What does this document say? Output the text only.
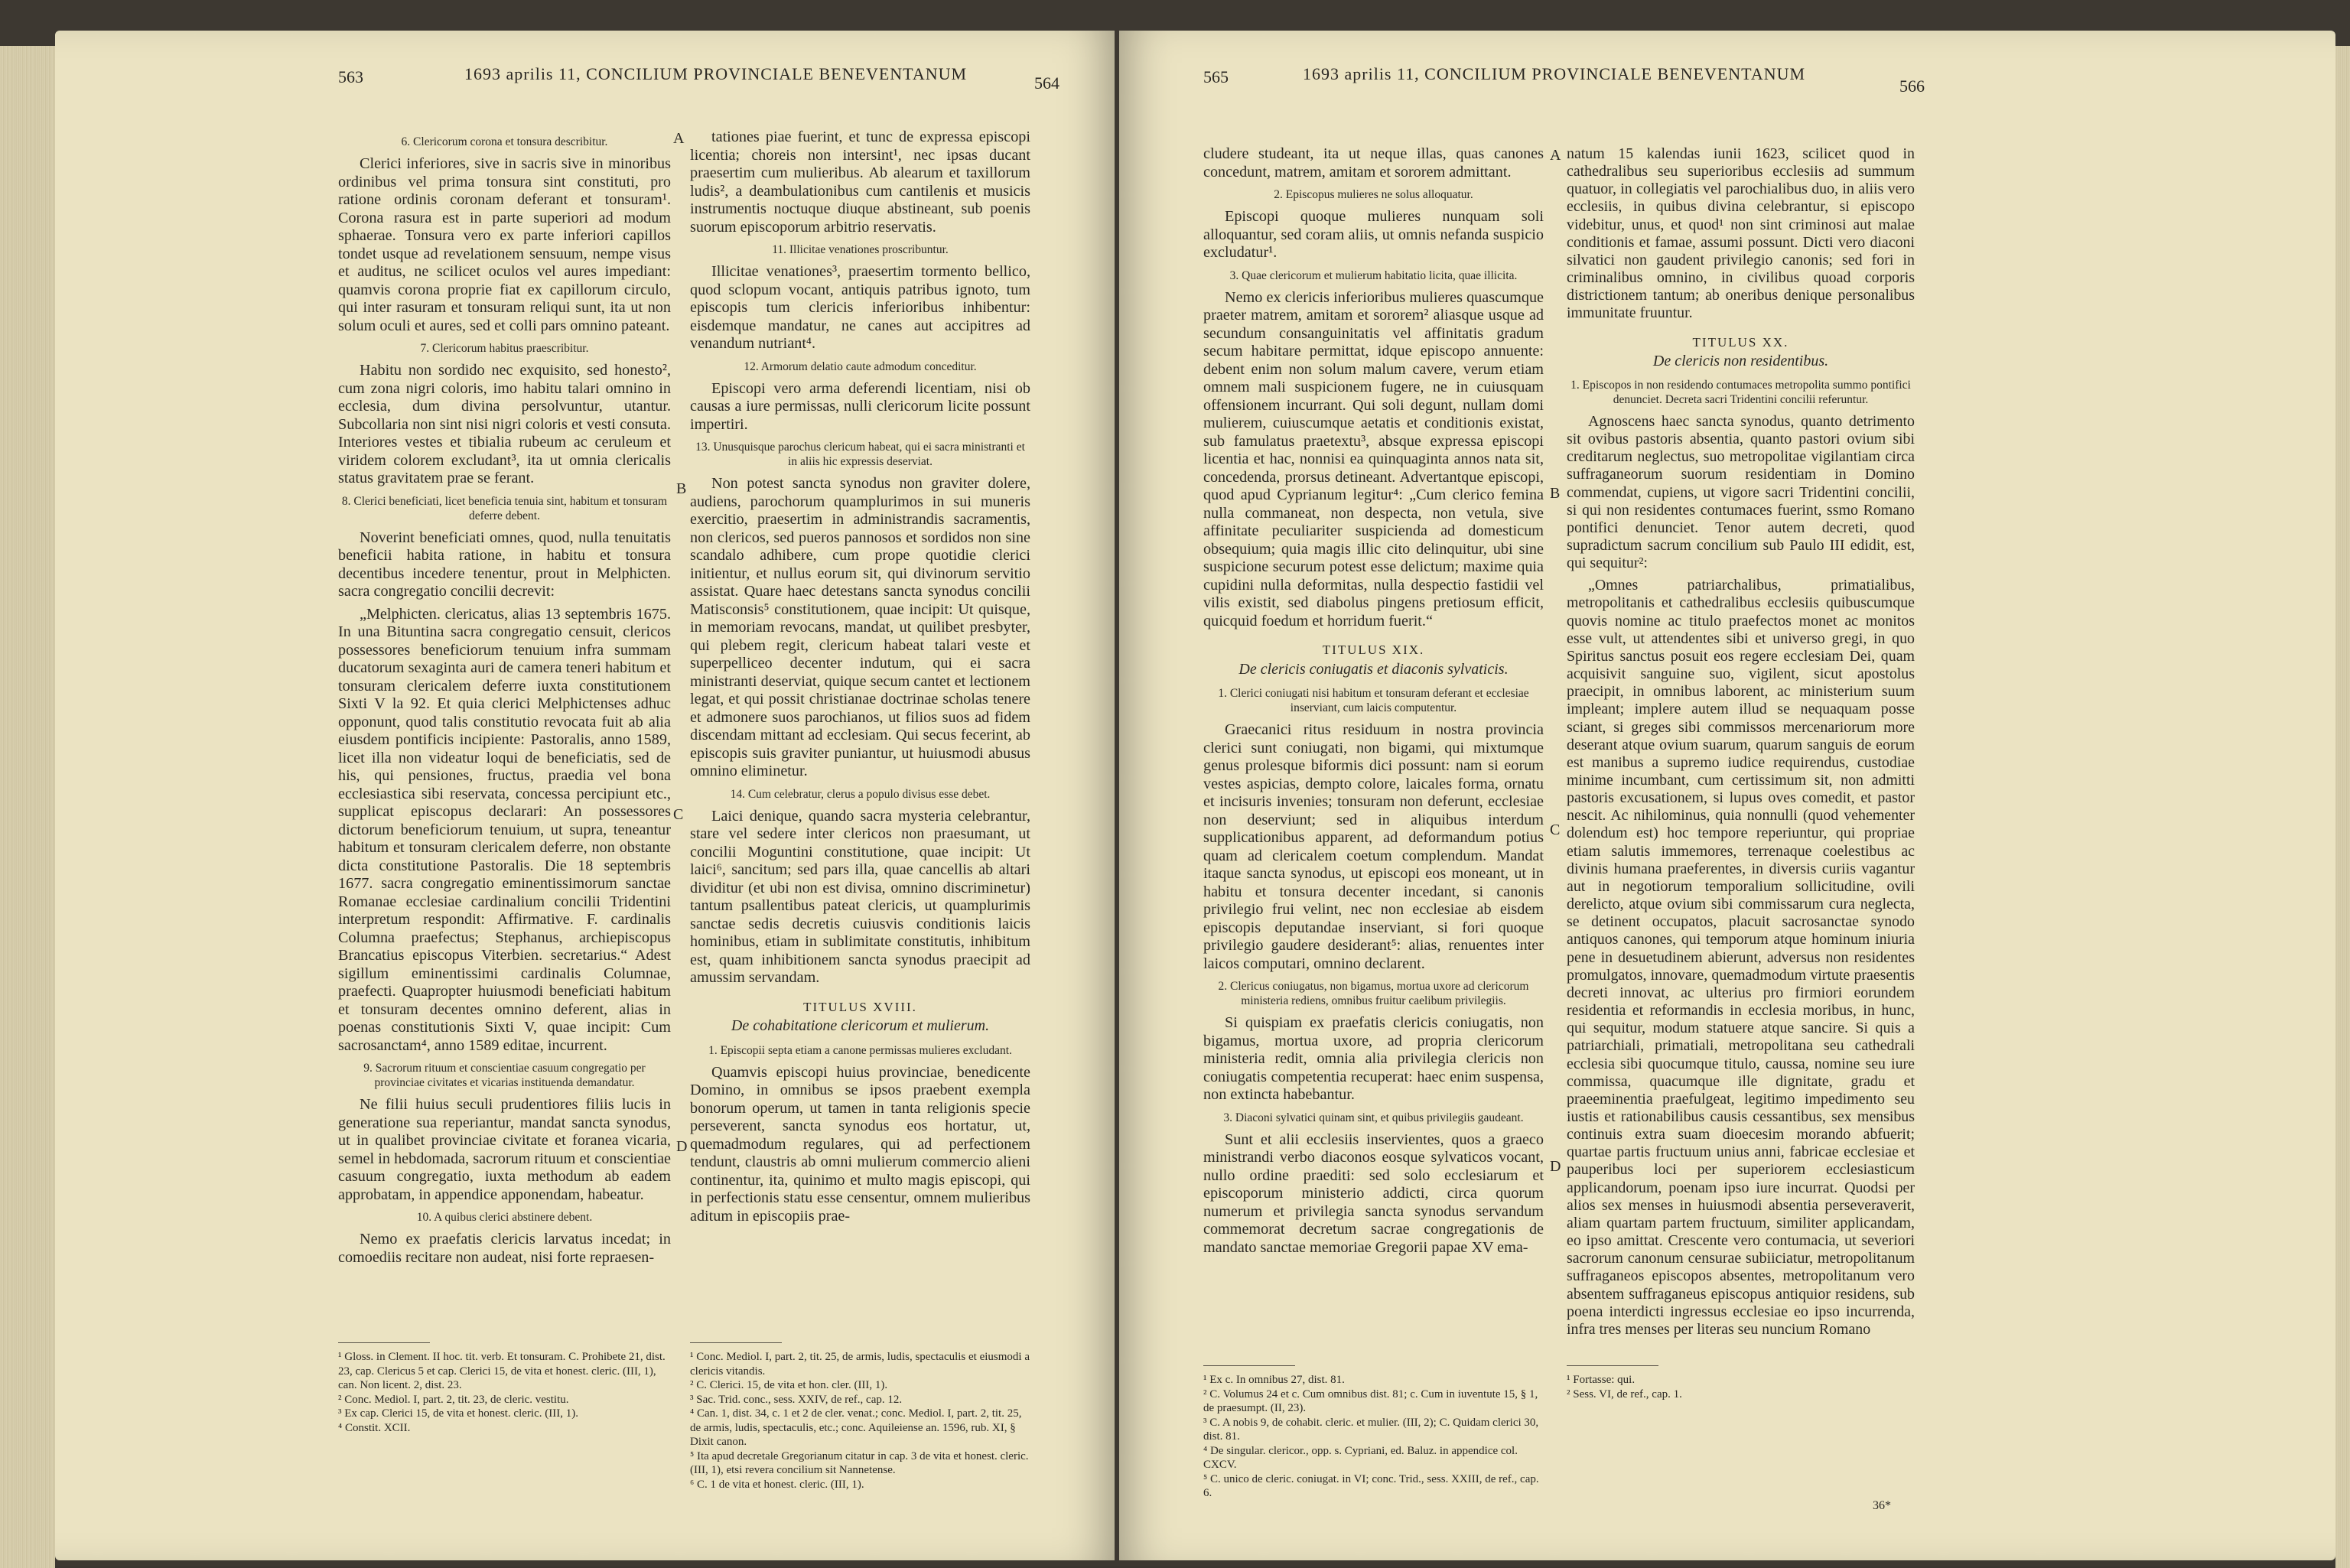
563	1693 aprilis 11, CONCILIUM PROVINCIALE BENEVENTANUM	564
6. Clericorum corona et tonsura describitur.

Clerici inferiores, sive in sacris sive in minoribus ordinibus vel prima tonsura sint constituti, pro ratione ordinis coronam deferant et tonsuram¹. Corona rasura est in parte superiori ad modum sphaerae. Tonsura vero ex parte inferiori capillos tondet usque ad revelationem sensuum, nempe visus et auditus, ne scilicet oculos vel aures impediant: quamvis corona proprie fiat ex capillorum circulo, qui inter rasuram et tonsuram reliqui sunt, ita ut non solum oculi et aures, sed et colli pars omnino pateant.

7. Clericorum habitus praescribitur.

Habitu non sordido nec exquisito, sed honesto², cum zona nigri coloris, imo habitu talari omnino in ecclesia, dum divina persolvuntur, utantur. Subcollaria non sint nisi nigri coloris et vesti consuta. Interiores vestes et tibialia rubeum ac ceruleum et viridem colorem excludant³, ita ut omnia clericalis status gravitatem prae se ferant.

8. Clerici beneficiati, licet beneficia tenuia sint, habitum et tonsuram deferre debent.

Noverint beneficiati omnes, quod, nulla tenuitatis beneficii habita ratione, in habitu et tonsura decentibus incedere tenentur, prout in Melphicten. sacra congregatio concilii decrevit:

„Melphicten. clericatus, alias 13 septembris 1675. In una Bituntina sacra congregatio censuit, clericos possessores beneficiorum tenuium infra summam ducatorum sexaginta auri de camera teneri habitum et tonsuram clericalem deferre iuxta constitutionem Sixti V la 92. Et quia clerici Melphictenses adhuc opponunt, quod talis constitutio revocata fuit ab alia eiusdem pontificis incipiente: Pastoralis, anno 1589, licet illa non videatur loqui de beneficiatis, sed de his, qui pensiones, fructus, praedia vel bona ecclesiastica sibi reservata, concessa percipiunt etc., supplicat episcopus declarari: An possessores dictorum beneficiorum tenuium, ut supra, teneantur habitum et tonsuram clericalem deferre, non obstante dicta constitutione Pastoralis. Die 18 septembris 1677. sacra congregatio eminentissimorum sanctae Romanae ecclesiae cardinalium concilii Tridentini interpretum respondit: Affirmative. F. cardinalis Columna praefectus; Stephanus, archiepiscopus Brancatius episcopus Viterbien. secretarius.“ Adest sigillum eminentissimi cardinalis Columnae, praefecti. Quapropter huiusmodi beneficiati habitum et tonsuram decentes omnino deferent, alias in poenas constitutionis Sixti V, quae incipit: Cum sacrosanctam⁴, anno 1589 editae, incurrent.

9. Sacrorum rituum et conscientiae casuum congregatio per provinciae civitates et vicarias instituenda demandatur.

Ne filii huius seculi prudentiores filiis lucis in generatione sua reperiantur, mandat sancta synodus, ut in qualibet provinciae civitate et foranea vicaria, semel in hebdomada, sacrorum rituum et conscientiae casuum congregatio, iuxta methodum ab eadem approbatam, in appendice apponendam, habeatur.

10. A quibus clerici abstinere debent.

Nemo ex praefatis clericis larvatus incedat; in comoediis recitare non audeat, nisi forte repraesen-

tationes piae fuerint, et tunc de expressa episcopi licentia; choreis non intersint¹, nec ipsas ducant praesertim cum mulieribus. Ab alearum et taxillorum ludis², a deambulationibus cum cantilenis et musicis instrumentis noctuque diuque abstineant, sub poenis suorum episcoporum arbitrio reservatis.

11. Illicitae venationes proscribuntur.

Illicitae venationes³, praesertim tormento bellico, quod sclopum vocant, antiquis patribus ignoto, tum episcopis tum clericis inferioribus inhibentur: eisdemque mandatur, ne canes aut accipitres ad venandum nutriant⁴.

12. Armorum delatio caute admodum conceditur.

Episcopi vero arma deferendi licentiam, nisi ob causas a iure permissas, nulli clericorum licite possunt impertiri.

13. Unusquisque parochus clericum habeat, qui ei sacra ministranti et in aliis hic expressis deserviat.

Non potest sancta synodus non graviter dolere, audiens, parochorum quamplurimos in sui muneris exercitio, praesertim in administrandis sacramentis, non clericos, sed pueros pannosos et sordidos non sine scandalo adhibere, cum prope quotidie clerici initientur, et nullus eorum sit, qui divinorum servitio assistat. Quare haec detestans sancta synodus concilii Matisconsis⁵ constitutionem, quae incipit: Ut quisque, in memoriam revocans, mandat, ut quilibet presbyter, qui plebem regit, clericum habeat talari veste et superpelliceo decenter indutum, qui ei sacra ministranti deserviat, quique secum cantet et lectionem legat, et qui possit christianae doctrinae scholas tenere et admonere suos parochianos, ut filios suos ad fidem discendam mittant ad ecclesiam. Qui secus fecerint, ab episcopis suis graviter puniantur, ut huiusmodi abusus omnino eliminetur.

14. Cum celebratur, clerus a populo divisus esse debet.

Laici denique, quando sacra mysteria celebrantur, stare vel sedere inter clericos non praesumant, ut concilii Moguntini constitutione, quae incipit: Ut laici⁶, sancitum; sed pars illa, quae cancellis ab altari dividitur (et ubi non est divisa, omnino discriminetur) tantum psallentibus pateat clericis, ut quamplurimis sanctae sedis decretis cuiusvis conditionis laicis hominibus, etiam in sublimitate constitutis, inhibitum est, quam inhibitionem sancta synodus praecipit ad amussim servandam.

TITULUS XVIII.
De cohabitatione clericorum et mulierum.
1. Episcopii septa etiam a canone permissas mulieres excludant.

Quamvis episcopi huius provinciae, benedicente Domino, in omnibus se ipsos praebent exempla bonorum operum, ut tamen in tanta religionis specie perseverent, sancta synodus eos hortatur, ut, quemadmodum regulares, qui ad perfectionem tendunt, claustris ab omni mulierum commercio alieni continentur, ita, quinimo et multo magis episcopi, qui in perfectionis statu esse censentur, omnem mulieribus aditum in episcopiis prae-

A
B
C
D
¹ Gloss. in Clement. II hoc. tit. verb. Et tonsuram. C. Prohibete 21, dist. 23, cap. Clericus 5 et cap. Clerici 15, de vita et honest. cleric. (III, 1), can. Non licent. 2, dist. 23.
² Conc. Mediol. I, part. 2, tit. 23, de cleric. vestitu.
³ Ex cap. Clerici 15, de vita et honest. cleric. (III, 1).
⁴ Constit. XCII.
¹ Conc. Mediol. I, part. 2, tit. 25, de armis, ludis, spectaculis et eiusmodi a clericis vitandis.
² C. Clerici. 15, de vita et hon. cler. (III, 1).
³ Sac. Trid. conc., sess. XXIV, de ref., cap. 12.
⁴ Can. 1, dist. 34, c. 1 et 2 de cler. venat.; conc. Mediol. I, part. 2, tit. 25, de armis, ludis, spectaculis, etc.; conc. Aquileiense an. 1596, rub. XI, § Dixit canon.
⁵ Ita apud decretale Gregorianum citatur in cap. 3 de vita et honest. cleric. (III, 1), etsi revera concilium sit Nannetense.
⁶ C. 1 de vita et honest. cleric. (III, 1).
565	1693 aprilis 11, CONCILIUM PROVINCIALE BENEVENTANUM
566

cludere studeant, ita ut neque illas, quas canones concedunt, matrem, amitam et sororem admittant.

2. Episcopus mulieres ne solus alloquatur.

Episcopi quoque mulieres nunquam soli alloquantur, sed coram aliis, ut omnis nefanda suspicio excludatur¹.

3. Quae clericorum et mulierum habitatio licita, quae illicita.

Nemo ex clericis inferioribus mulieres quascumque praeter matrem, amitam et sororem² aliasque usque ad secundum consanguinitatis vel affinitatis gradum secum habitare permittat, idque episcopo annuente: debent enim non solum malum cavere, verum etiam omnem mali suspicionem fugere, ne in cuiusquam offensionem incurrant. Qui soli degunt, nullam domi mulierem, cuiuscumque aetatis et conditionis existat, sub famulatus praetextu³, absque expressa episcopi licentia et hac, nonnisi ea quinquaginta annos nata sit, concedenda, prorsus detineant. Advertantque episcopi, quod apud Cyprianum legitur⁴: „Cum clerico femina nulla commaneat, non despecta, non vetula, sive affinitate peculiariter suspicienda ad domesticum obsequium; quia magis illic cito delinquitur, ubi sine suspicione securum potest esse delictum; maxime quia cupidini nulla deformitas, nulla despectio fastidii vel vilis existit, sed diabolus pingens pretiosum efficit, quicquid foedum et horridum fuerit.“

TITULUS XIX.
De clericis coniugatis et diaconis sylvaticis.
1. Clerici coniugati nisi habitum et tonsuram deferant et ecclesiae inserviant, cum laicis computentur.

Graecanici ritus residuum in nostra provincia clerici sunt coniugati, non bigami, qui mixtumque genus prolesque biformis dici possunt: nam si eorum vestes aspicias, dempto colore, laicales forma, ornatu et incisuris invenies; tonsuram non deferunt, ecclesiae non deserviunt; sed in aliquibus interdum supplicationibus apparent, ad deformandum potius quam ad clericalem coetum complendum. Mandat itaque sancta synodus, ut episcopi eos moneant, ut in habitu et tonsura decenter incedant, si canonis privilegio frui velint, nec non ecclesiae ab eisdem episcopis deputandae inserviant, si fori quoque privilegio gaudere desiderant⁵: alias, renuentes inter laicos computari, omnino declarent.

2. Clericus coniugatus, non bigamus, mortua uxore ad clericorum ministeria rediens, omnibus fruitur caelibum privilegiis.

Si quispiam ex praefatis clericis coniugatis, non bigamus, mortua uxore, ad propria clericorum ministeria redit, omnia alia privilegia clericis non coniugatis competentia recuperat: haec enim suspensa, non extincta habebantur.

3. Diaconi sylvatici quinam sint, et quibus privilegiis gaudeant.

Sunt et alii ecclesiis inservientes, quos a graeco ministrandi verbo diaconos eosque sylvaticos vocant, nullo ordine praediti: sed solo ecclesiarum et episcoporum ministerio addicti, circa quorum numerum et privilegia sancta synodus servandum commemorat decretum sacrae congregationis de mandato sanctae memoriae Gregorii papae XV ema-

natum 15 kalendas iunii 1623, scilicet quod in cathedralibus seu superioribus ecclesiis ad summum quatuor, in collegiatis vel parochialibus duo, in aliis vero ecclesiis, in quibus divina celebrantur, si episcopo videbitur, unus, et quod¹ non sint criminosi aut malae conditionis et famae, assumi possunt. Dicti vero diaconi silvatici non gaudent privilegio canonis; sed fori in criminalibus omnino, in civilibus quoad corporis districtionem tantum; ab oneribus denique personalibus immunitate fruuntur.

TITULUS XX.
De clericis non residentibus.
1. Episcopos in non residendo contumaces metropolita summo pontifici denunciet. Decreta sacri Tridentini concilii referuntur.

Agnoscens haec sancta synodus, quanto detrimento sit ovibus pastoris absentia, quanto pastori ovium sibi creditarum neglectus, suo metropolitae vigilantiam circa suffraganeorum suorum residentiam in Domino commendat, cupiens, ut vigore sacri Tridentini concilii, si qui non residentes contumaces fuerint, ssmo Romano pontifici denunciet. Tenor autem decreti, quod supradictum sacrum concilium sub Paulo III edidit, est, qui sequitur²:

„Omnes patriarchalibus, primatialibus, metropolitanis et cathedralibus ecclesiis quibuscumque quovis nomine ac titulo praefectos monet ac monitos esse vult, ut attendentes sibi et universo gregi, in quo Spiritus sanctus posuit eos regere ecclesiam Dei, quam acquisivit sanguine suo, vigilent, sicut apostolus praecipit, in omnibus laborent, ac ministerium suum impleant; implere autem illud se nequaquam posse sciant, si greges sibi commissos mercenariorum more deserant atque ovium suarum, quarum sanguis de eorum est manibus a supremo iudice requirendus, custodiae minime incumbant, cum certissimum sit, non admitti pastoris excusationem, si lupus oves comedit, et pastor nescit. Ac nihilominus, quia nonnulli (quod vehementer dolendum est) hoc tempore reperiuntur, qui propriae etiam salutis immemores, terrenaque coelestibus ac divinis humana praeferentes, in diversis curiis vagantur aut in negotiorum temporalium sollicitudine, ovili derelicto, atque ovium sibi commissarum cura neglecta, se detinent occupatos, placuit sacrosanctae synodo antiquos canones, qui temporum atque hominum iniuria pene in desuetudinem abierunt, adversus non residentes promulgatos, innovare, quemadmodum virtute praesentis decreti innovat, ac ulterius pro firmiori eorundem residentia et reformandis in ecclesia moribus, in hunc, qui sequitur, modum statuere atque sancire. Si quis a patriarchiali, primatiali, metropolitana seu cathedrali ecclesia sibi quocumque titulo, caussa, nomine seu iure commissa, quacumque ille dignitate, gradu et praeeminentia praefulgeat, legitimo impedimento seu iustis et rationabilibus causis cessantibus, sex mensibus continuis extra suam dioecesim morando abfuerit; quartae partis fructuum unius anni, fabricae ecclesiae et pauperibus loci per superiorem ecclesiasticum applicandorum, poenam ipso iure incurrat. Quodsi per alios sex menses in huiusmodi absentia perseveraverit, aliam quartam partem fructuum, similiter applicandam, eo ipso amittat. Crescente vero contumacia, ut severiori sacrorum canonum censurae subiiciatur, metropolitanum suffraganeos episcopos absentes, metropolitanum vero absentem suffraganeus episcopus antiquior residens, sub poena interdicti ingressus ecclesiae eo ipso incurrenda, infra tres menses per literas seu nuncium Romano

A
B
C
D
¹ Ex c. In omnibus 27, dist. 81.
² C. Volumus 24 et c. Cum omnibus dist. 81; c. Cum in iuventute 15, § 1, de praesumpt. (II, 23).
³ C. A nobis 9, de cohabit. cleric. et mulier. (III, 2); C. Quidam clerici 30, dist. 81.
⁴ De singular. clericor., opp. s. Cypriani, ed. Baluz. in appendice col. CXCV.
⁵ C. unico de cleric. coniugat. in VI; conc. Trid., sess. XXIII, de ref., cap. 6.
¹ Fortasse: qui.
² Sess. VI, de ref., cap. 1.
36*
